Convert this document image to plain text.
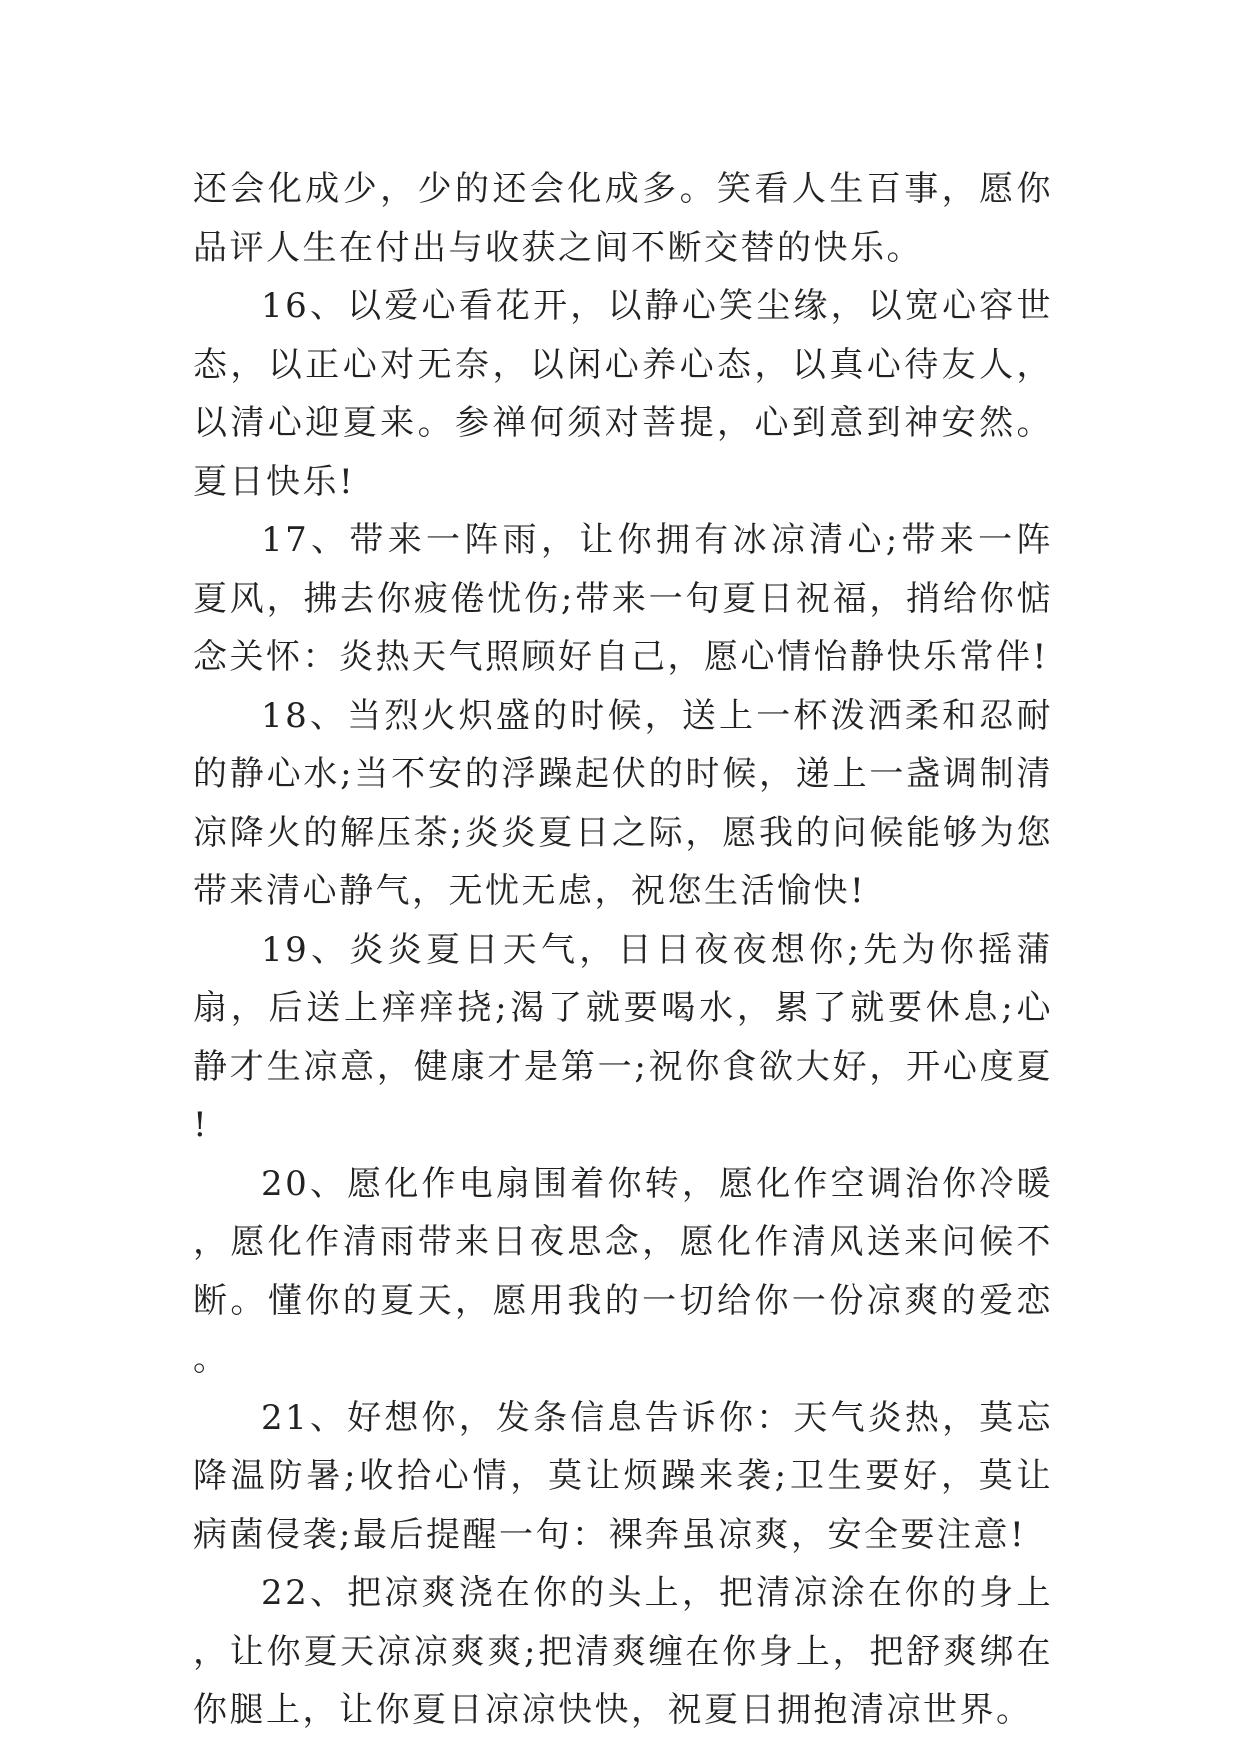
还会化成少，少的还会化成多。笑看人生百事，愿你品评人生在付出与收获之间不断交替的快乐。

16、以爱心看花开，以静心笑尘缘，以宽心容世态，以正心对无奈，以闲心养心态，以真心待友人，以清心迎夏来。参禅何须对菩提，心到意到神安然。夏日快乐!

17、带来一阵雨，让你拥有冰凉清心;带来一阵夏风，拂去你疲倦忧伤;带来一句夏日祝福，捎给你惦念关怀：炎热天气照顾好自己，愿心情怡静快乐常伴!

18、当烈火炽盛的时候，送上一杯泼洒柔和忍耐的静心水;当不安的浮躁起伏的时候，递上一盏调制清凉降火的解压茶;炎炎夏日之际，愿我的问候能够为您带来清心静气，无忧无虑，祝您生活愉快!

19、炎炎夏日天气，日日夜夜想你;先为你摇蒲扇，后送上痒痒挠;渴了就要喝水，累了就要休息;心静才生凉意，健康才是第一;祝你食欲大好，开心度夏!

20、愿化作电扇围着你转，愿化作空调治你冷暖，愿化作清雨带来日夜思念，愿化作清风送来问候不断。懂你的夏天，愿用我的一切给你一份凉爽的爱恋。

21、好想你，发条信息告诉你：天气炎热，莫忘降温防暑;收拾心情，莫让烦躁来袭;卫生要好，莫让病菌侵袭;最后提醒一句：裸奔虽凉爽，安全要注意!

22、把凉爽浇在你的头上，把清凉涂在你的身上，让你夏天凉凉爽爽;把清爽缠在你身上，把舒爽绑在你腿上，让你夏日凉凉快快，祝夏日拥抱清凉世界。
